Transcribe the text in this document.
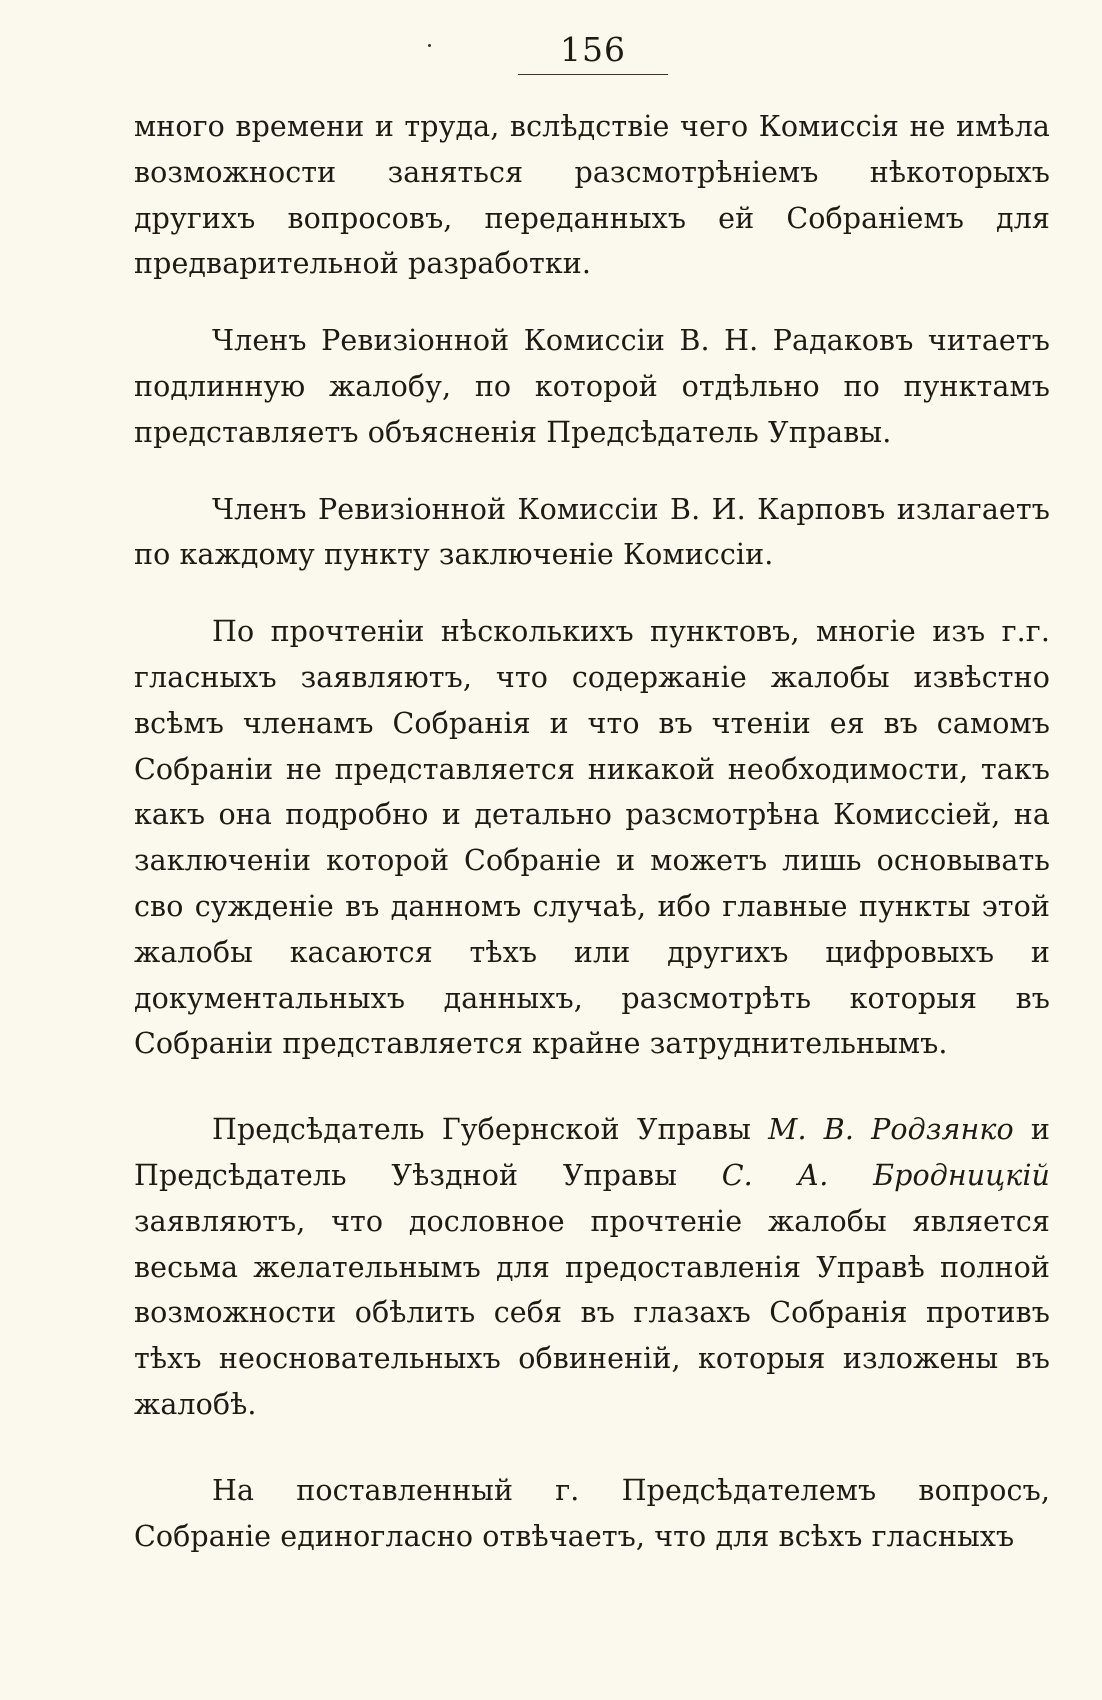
156

много времени и труда, вслѣдствіе чего Комиссія не имѣла возможности заняться разсмотрѣніемъ нѣкоторыхъ другихъ вопросовъ, переданныхъ ей Собраніемъ для предварительной разработки.

Членъ Ревизіонной Комиссіи В. Н. Радаковъ читаетъ подлинную жалобу, по которой отдѣльно по пунктамъ представляетъ объясненія Предсѣдатель Управы.

Членъ Ревизіонной Комиссіи В. И. Карповъ излагаетъ по каждому пункту заключеніе Комиссіи.

По прочтеніи нѣсколькихъ пунктовъ, многіе изъ г.г. гласныхъ заявляютъ, что содержаніе жалобы извѣстно всѣмъ членамъ Собранія и что въ чтеніи ея въ самомъ Собраніи не представляется никакой необходимости, такъ какъ она подробно и детально разсмотрѣна Комиссіей, на заключеніи которой Собраніе и можетъ лишь основывать сво сужденіе въ данномъ случаѣ, ибо главные пункты этой жалобы касаются тѣхъ или другихъ цифровыхъ и документальныхъ данныхъ, разсмотрѣть которыя въ Собраніи представляется крайне затруднительнымъ.

Предсѣдатель Губернской Управы М. В. Родзянко и Предсѣдатель Уѣздной Управы С. А. Бродницкій заявляютъ, что дословное прочтеніе жалобы является весьма желательнымъ для предоставленія Управѣ полной возможности обѣлить себя въ глазахъ Собранія противъ тѣхъ неосновательныхъ обвиненій, которыя изложены въ жалобѣ.

На поставленный г. Предсѣдателемъ вопросъ, Собраніе единогласно отвѣчаетъ, что для всѣхъ гласныхъ
